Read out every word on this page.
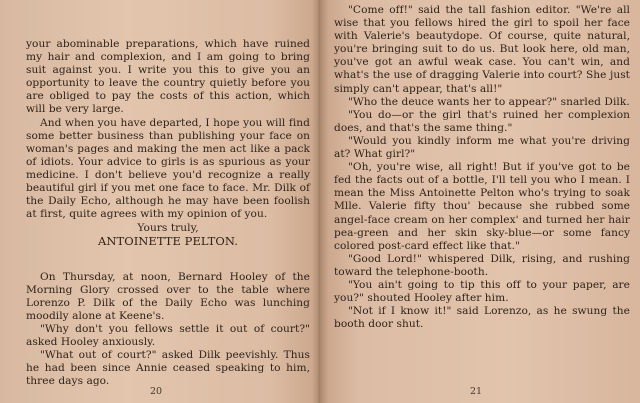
your abominable preparations, which have ruined my hair and complexion, and I am going to bring suit against you. I write you this to give you an opportunity to leave the country quietly before you are obliged to pay the costs of this action, which will be very large.

And when you have departed, I hope you will find some better business than publishing your face on woman's pages and making the men act like a pack of idiots. Your advice to girls is as spurious as your medicine. I don't believe you'd recognize a really beautiful girl if you met one face to face. Mr. Dilk of the Daily Echo, although he may have been foolish at first, quite agrees with my opinion of you.

Yours truly,

ANTOINETTE PELTON.

On Thursday, at noon, Bernard Hooley of the Morning Glory crossed over to the table where Lorenzo P. Dilk of the Daily Echo was lunching moodily alone at Keene's.

"Why don't you fellows settle it out of court?" asked Hooley anxiously.

"What out of court?" asked Dilk peevishly. Thus he had been since Annie ceased speaking to him, three days ago.

20

"Come off!" said the tall fashion editor. "We're all wise that you fellows hired the girl to spoil her face with Valerie's beautydope. Of course, quite natural, you're bringing suit to do us. But look here, old man, you've got an awful weak case. You can't win, and what's the use of dragging Valerie into court? She just simply can't appear, that's all!"

"Who the deuce wants her to appear?" snarled Dilk.

"You do—or the girl that's ruined her complexion does, and that's the same thing."

"Would you kindly inform me what you're driving at? What girl?"

"Oh, you're wise, all right! But if you've got to be fed the facts out of a bottle, I'll tell you who I mean. I mean the Miss Antoinette Pelton who's trying to soak Mlle. Valerie fifty thou' because she rubbed some angel-face cream on her complex' and turned her hair pea-green and her skin sky-blue—or some fancy colored post-card effect like that."

"Good Lord!" whispered Dilk, rising, and rushing toward the telephone-booth.

"You ain't going to tip this off to your paper, are you?" shouted Hooley after him.

"Not if I know it!" said Lorenzo, as he swung the booth door shut.

21
